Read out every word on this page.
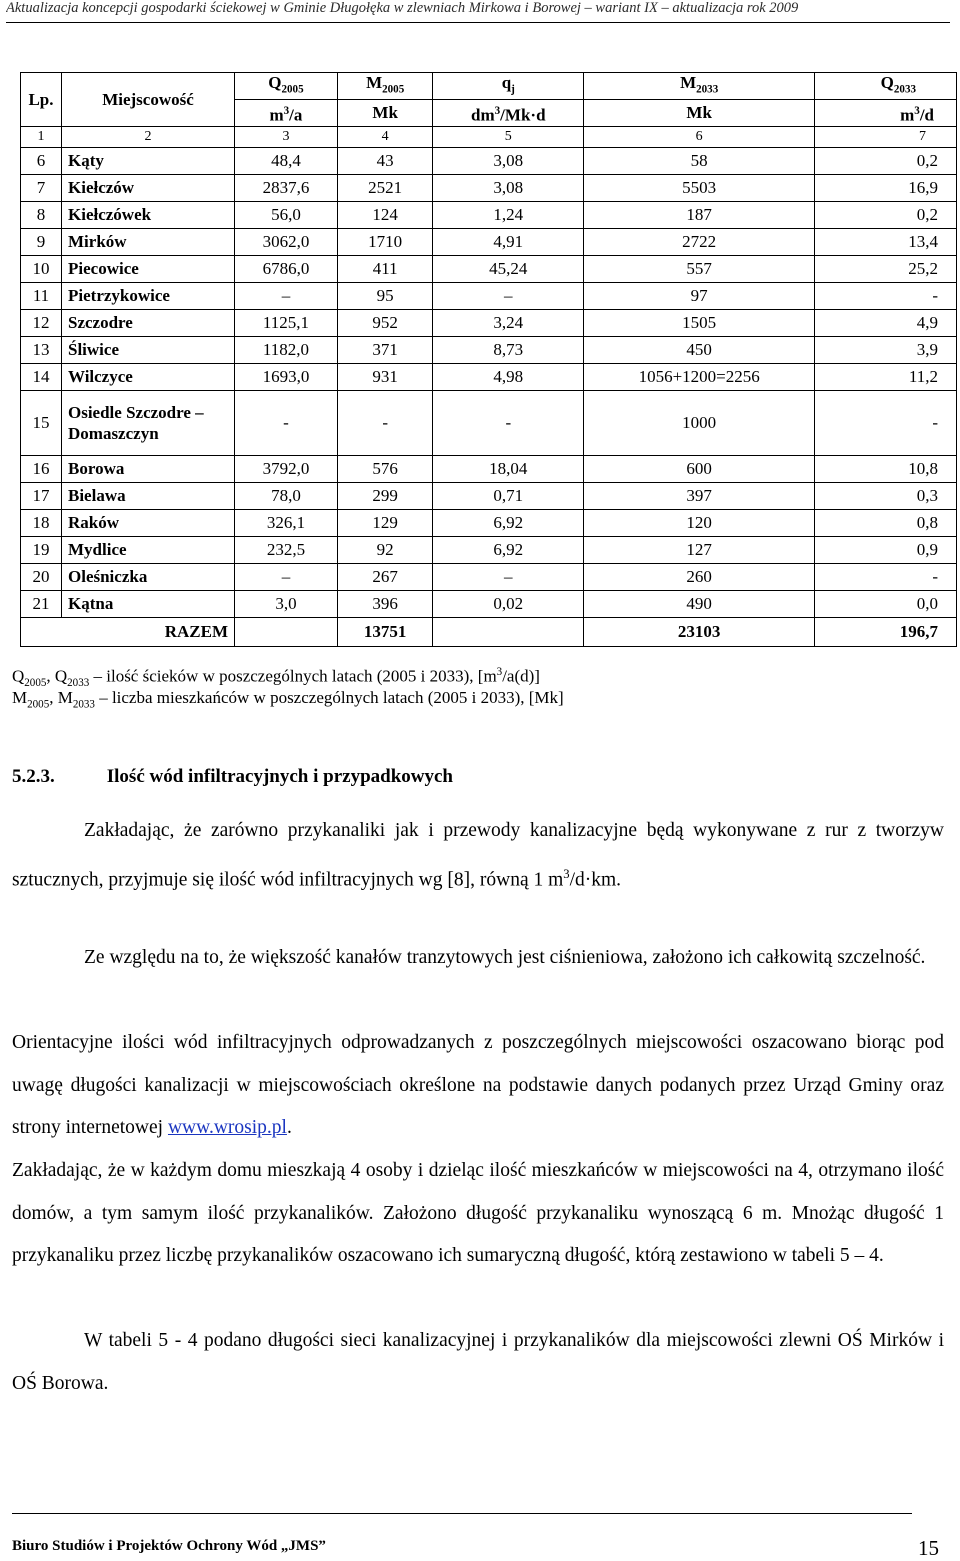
Aktualizacja koncepcji gospodarki ściekowej w Gminie Długołęka w zlewniach Mirkowa i Borowej – wariant IX – aktualizacja rok 2009
Lp.	Miejscowość	$Q_{2005}$	$M_{2005}$	$q_j$	$M_{2033}$	$Q_{2033}$
		$m^3/a$	Mk	$dm^3/Mk\cdot d$	Mk	$m^3/d$
1	2	3	4	5	6	7
6	Kąty	48,4	43	3,08	58	0,2
7	Kiełczów	2837,6	2521	3,08	5503	16,9
8	Kiełczówek	56,0	124	1,24	187	0,2
9	Mirków	3062,0	1710	4,91	2722	13,4
10	Piecowice	6786,0	411	45,24	557	25,2
11	Pietrzykowice	–	95	–	97	-
12	Szczodre	1125,1	952	3,24	1505	4,9
13	Śliwice	1182,0	371	8,73	450	3,9
14	Wilczyce	1693,0	931	4,98	1056+1200=2256	11,2
15	Osiedle Szczodre – Domaszczyn	-	-	-	1000	-
16	Borowa	3792,0	576	18,04	600	10,8
17	Bielawa	78,0	299	0,71	397	0,3
18	Raków	326,1	129	6,92	120	0,8
19	Mydlice	232,5	92	6,92	127	0,9
20	Oleśniczka	–	267	–	260	-
21	Kątna	3,0	396	0,02	490	0,0
RAZEM			13751		23103	196,7
$Q_{2005}$, $Q_{2033}$ – ilość ścieków w poszczególnych latach (2005 i 2033), $[m^3/a(d)]$
$M_{2005}$, $M_{2033}$ – liczba mieszkańców w poszczególnych latach (2005 i 2033), [Mk]
5.2.3.	Ilość wód infiltracyjnych i przypadkowych
Zakładając, że zarówno przykanaliki jak i przewody kanalizacyjne będą wykonywane z rur z tworzyw sztucznych, przyjmuje się ilość wód infiltracyjnych wg [8], równą 1 $m^3/d\cdot km$.
Ze względu na to, że większość kanałów tranzytowych jest ciśnieniowa, założono ich całkowitą szczelność.
Orientacyjne ilości wód infiltracyjnych odprowadzanych z poszczególnych miejscowości oszacowano biorąc pod uwagę długości kanalizacji w miejscowościach określone na podstawie danych podanych przez Urząd Gminy oraz strony internetowej www.wrosip.pl.
Zakładając, że w każdym domu mieszkają 4 osoby i dzieląc ilość mieszkańców w miejscowości na 4, otrzymano ilość domów, a tym samym ilość przykanalików. Założono długość przykanaliku wynoszącą 6 m. Mnożąc długość 1 przykanaliku przez liczbę przykanalików oszacowano ich sumaryczną długość, którą zestawiono w tabeli 5 – 4.
W tabeli 5 - 4 podano długości sieci kanalizacyjnej i przykanalików dla miejscowości zlewni OŚ Mirków i OŚ Borowa.
Biuro Studiów i Projektów Ochrony Wód „JMS”	15
